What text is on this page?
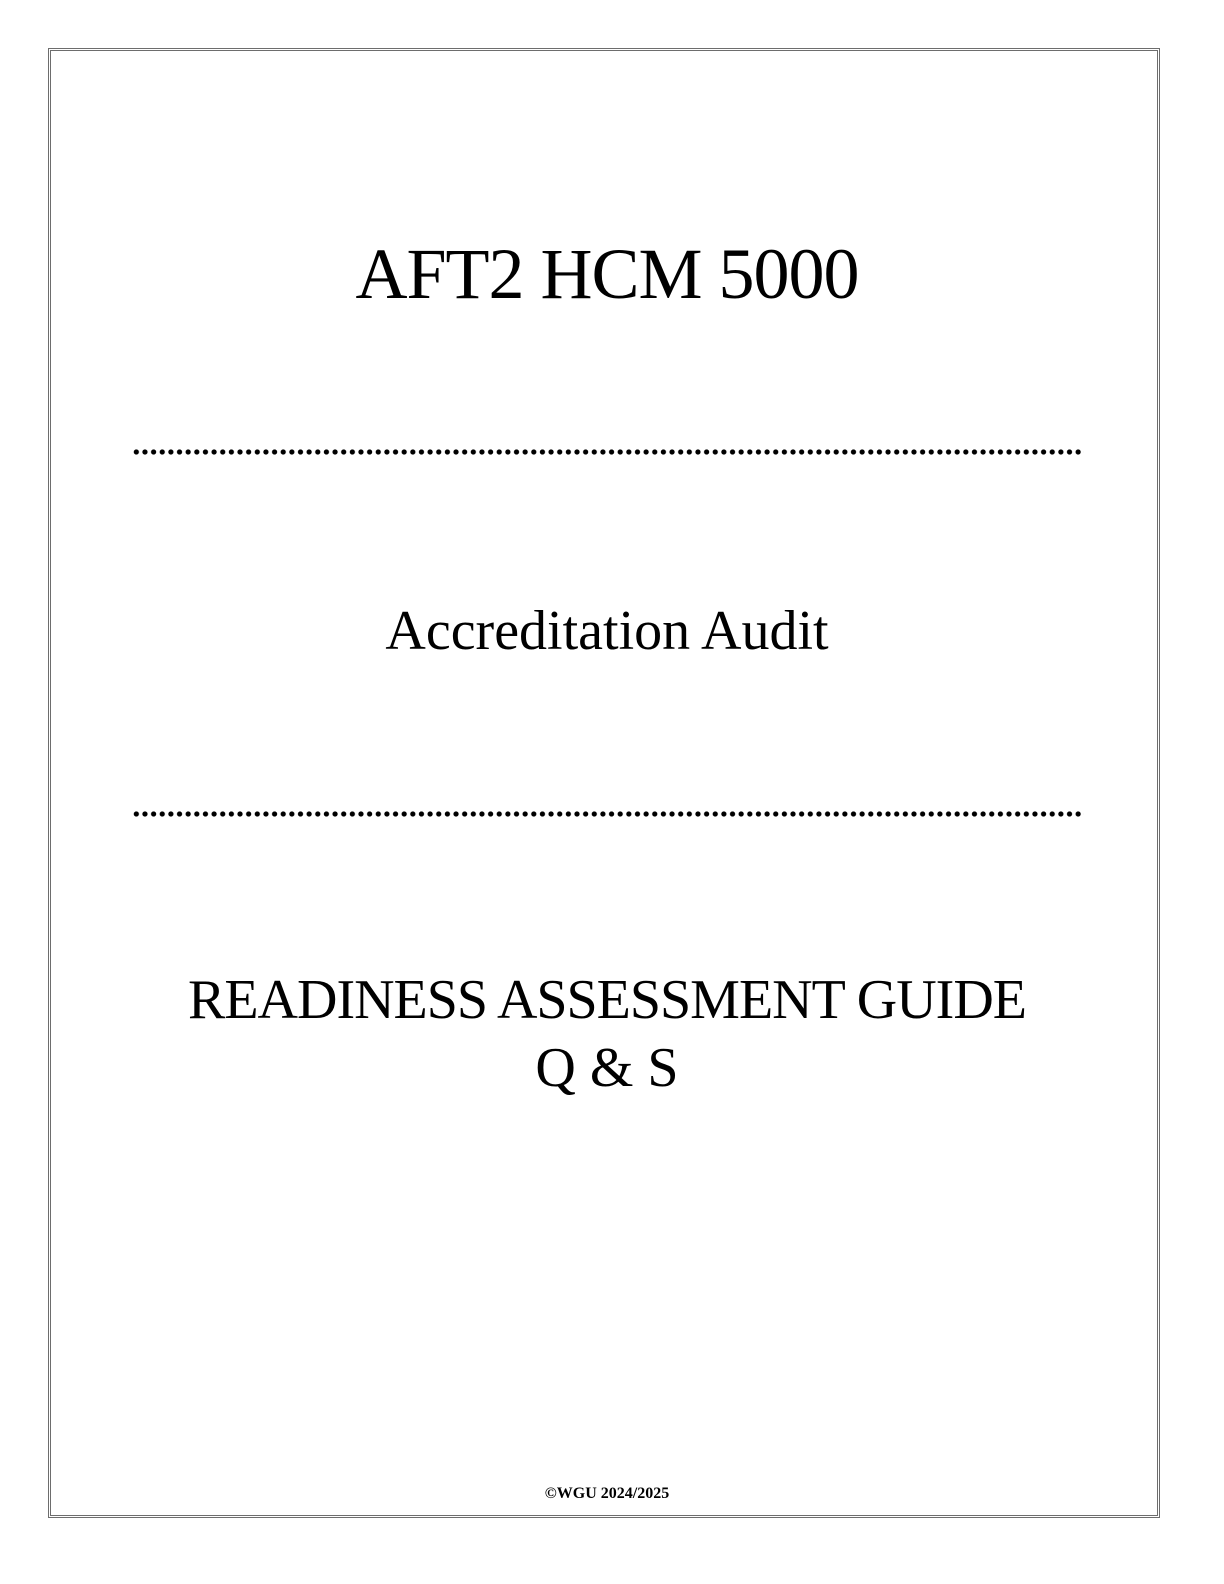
AFT2 HCM 5000
Accreditation Audit
READINESS ASSESSMENT GUIDE
Q & S
©WGU 2024/2025
